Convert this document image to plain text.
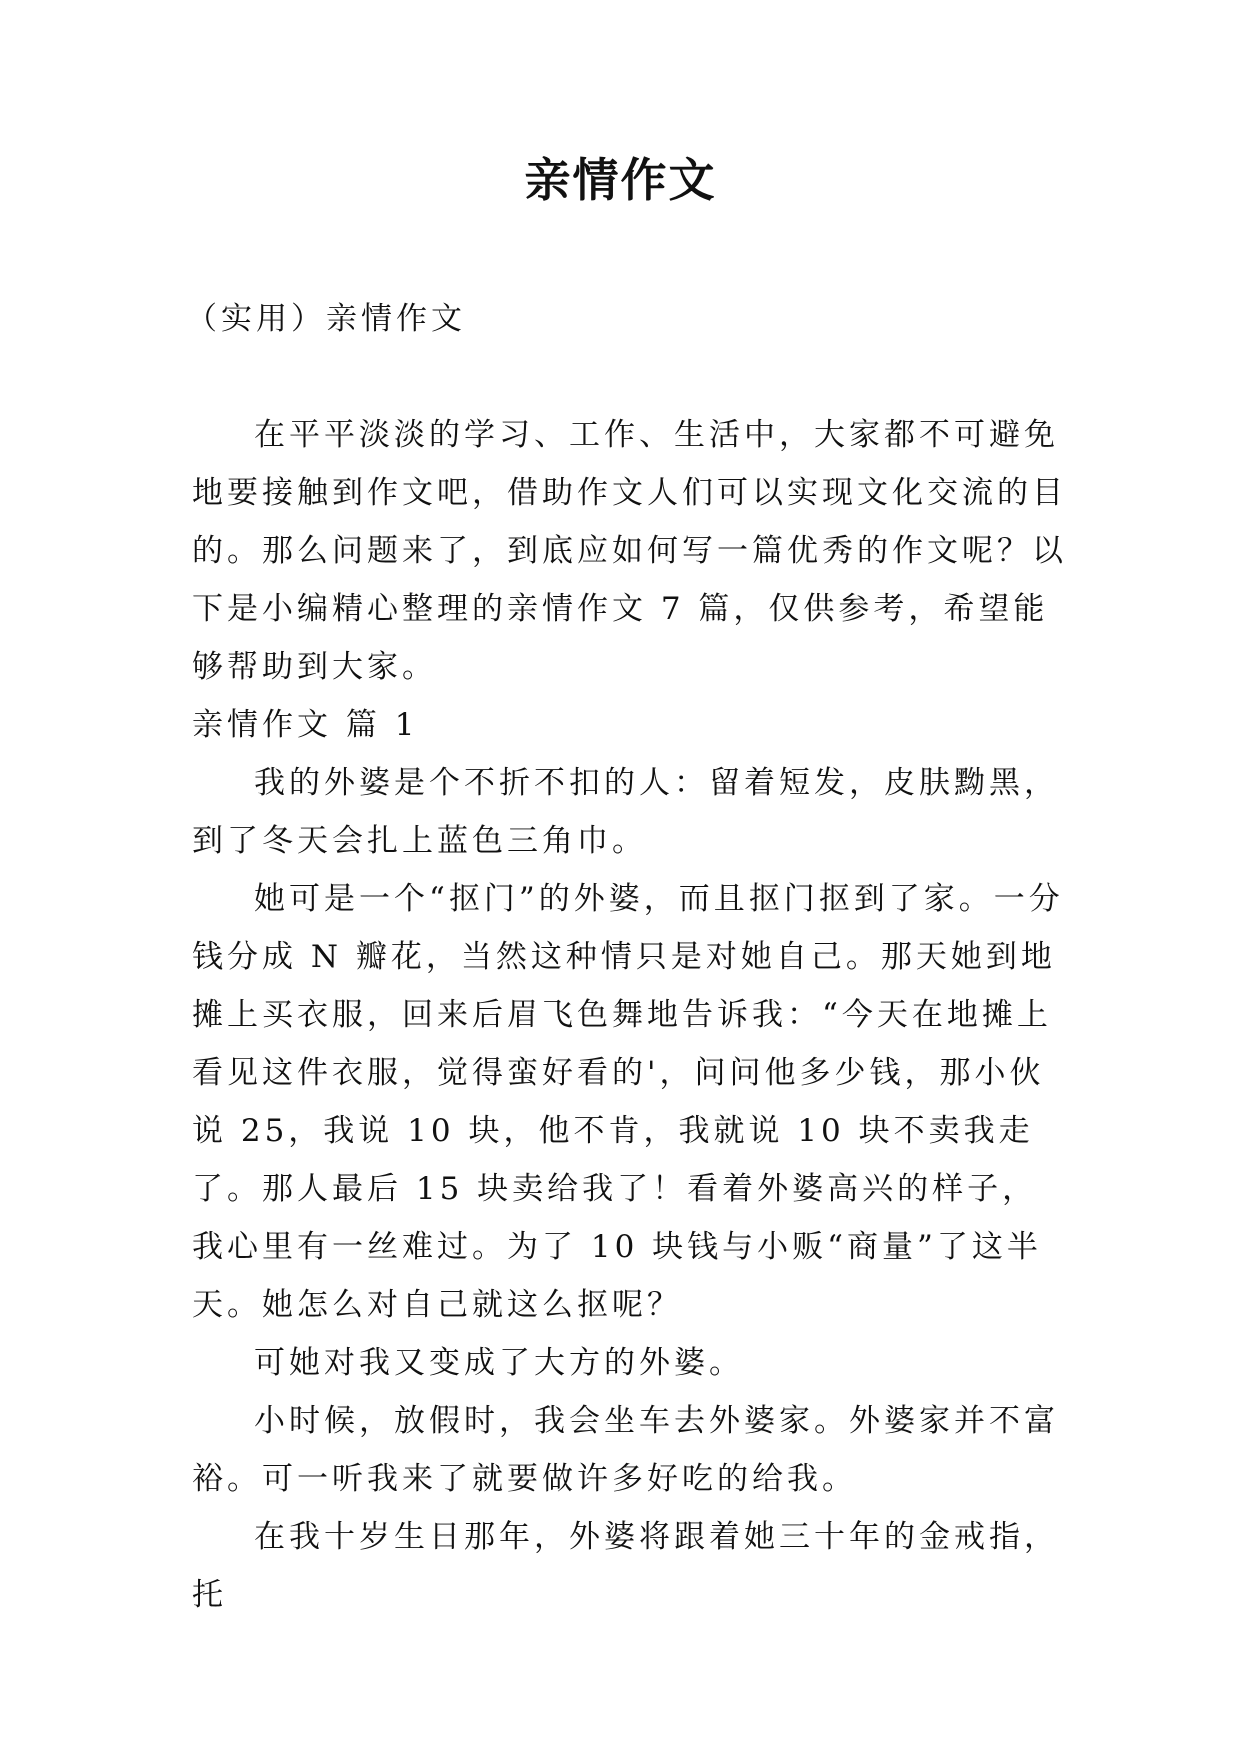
亲情作文

（实用）亲情作文

在平平淡淡的学习、工作、生活中，大家都不可避免地要接触到作文吧，借助作文人们可以实现文化交流的目的。那么问题来了，到底应如何写一篇优秀的作文呢？以下是小编精心整理的亲情作文 7 篇，仅供参考，希望能够帮助到大家。

亲情作文 篇 1

我的外婆是个不折不扣的人：留着短发，皮肤黝黑，到了冬天会扎上蓝色三角巾。

她可是一个“抠门”的外婆，而且抠门抠到了家。一分钱分成 N 瓣花，当然这种情只是对她自己。那天她到地摊上买衣服，回来后眉飞色舞地告诉我：“今天在地摊上看见这件衣服，觉得蛮好看的'，问问他多少钱，那小伙说 25，我说 10 块，他不肯，我就说 10 块不卖我走了。那人最后 15 块卖给我了！看着外婆高兴的样子，我心里有一丝难过。为了 10 块钱与小贩“商量”了这半天。她怎么对自己就这么抠呢？

可她对我又变成了大方的外婆。

小时候，放假时，我会坐车去外婆家。外婆家并不富裕。可一听我来了就要做许多好吃的给我。

在我十岁生日那年，外婆将跟着她三十年的金戒指，托
